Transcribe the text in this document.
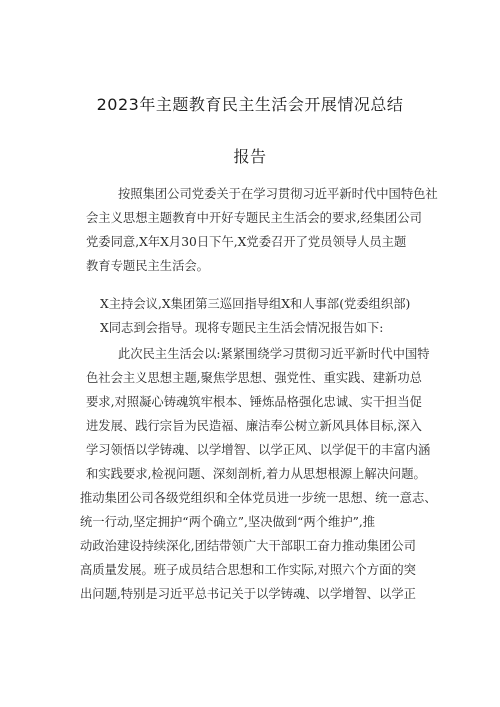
2023年主题教育民主生活会开展情况总结
报告
按照集团公司党委关于在学习贯彻习近平新时代中国特色社
会主义思想主题教育中开好专题民主生活会的要求,经集团公司
党委同意,X年X月30日下午,X党委召开了党员领导人员主题
教育专题民主生活会。
X主持会议,X集团第三巡回指导组X和人事部(党委组织部)
X同志到会指导。现将专题民主生活会情况报告如下:
此次民主生活会以:紧紧围绕学习贯彻习近平新时代中国特
色社会主义思想主题,聚焦学思想、强党性、重实践、建新功总
要求,对照凝心铸魂筑牢根本、锤炼品格强化忠诚、实干担当促
进发展、践行宗旨为民造福、廉洁奉公树立新风具体目标,深入
学习领悟以学铸魂、以学增智、以学正风、以学促干的丰富内涵
和实践要求,检视问题、深刻剖析,着力从思想根源上解决问题。
推动集团公司各级党组织和全体党员进一步统一思想、统一意志、
统一行动,坚定拥护“两个确立”,坚决做到“两个维护”,推
动政治建设持续深化,团结带领广大干部职工奋力推动集团公司
高质量发展。班子成员结合思想和工作实际,对照六个方面的突
出问题,特别是习近平总书记关于以学铸魂、以学增智、以学正
